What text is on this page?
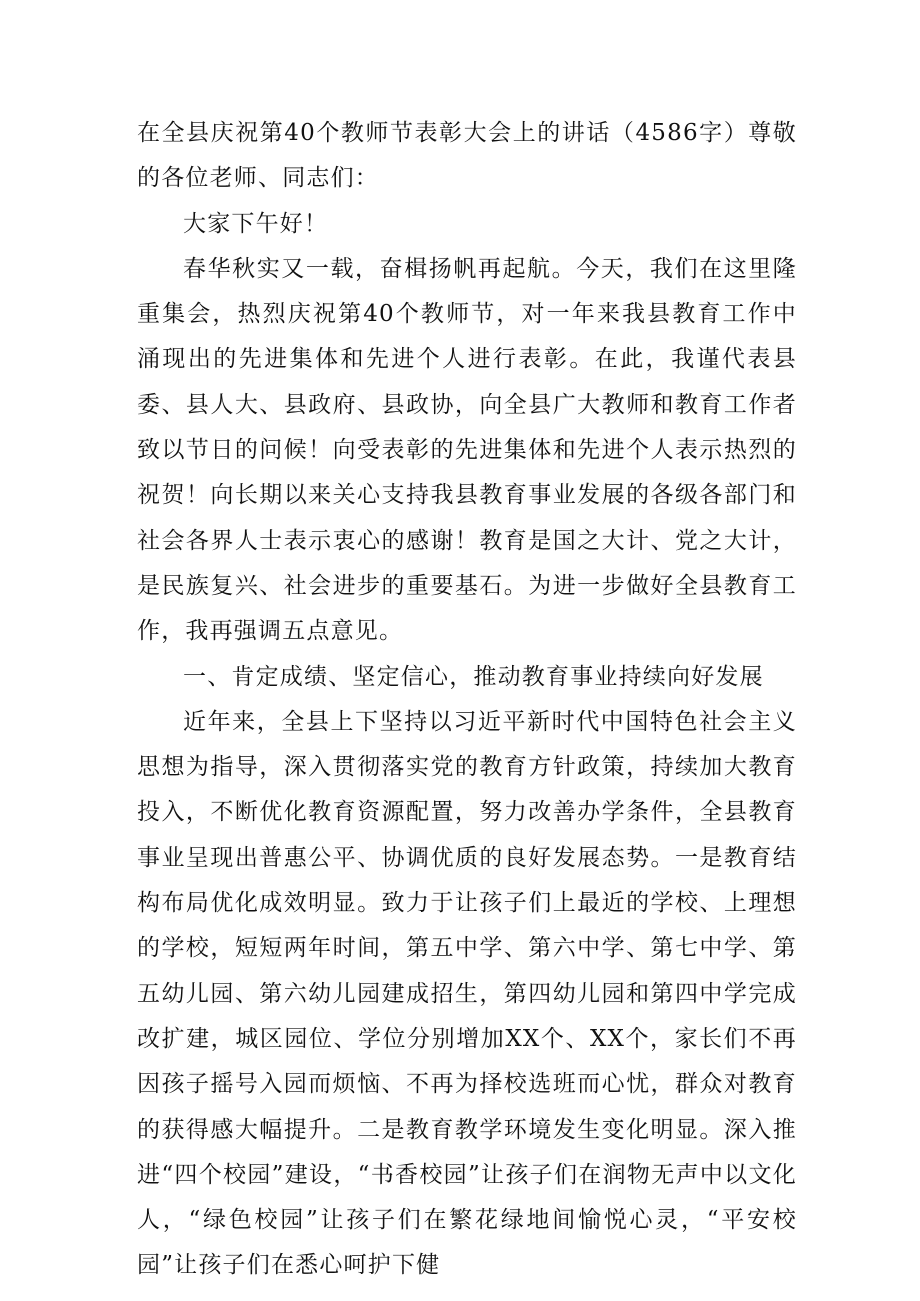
在全县庆祝第40个教师节表彰大会上的讲话（4586字）尊敬的各位老师、同志们：

大家下午好！

春华秋实又一载，奋楫扬帆再起航。今天，我们在这里隆重集会，热烈庆祝第40个教师节，对一年来我县教育工作中涌现出的先进集体和先进个人进行表彰。在此，我谨代表县委、县人大、县政府、县政协，向全县广大教师和教育工作者致以节日的问候！向受表彰的先进集体和先进个人表示热烈的祝贺！向长期以来关心支持我县教育事业发展的各级各部门和社会各界人士表示衷心的感谢！教育是国之大计、党之大计，是民族复兴、社会进步的重要基石。为进一步做好全县教育工作，我再强调五点意见。

一、肯定成绩、坚定信心，推动教育事业持续向好发展

近年来，全县上下坚持以习近平新时代中国特色社会主义思想为指导，深入贯彻落实党的教育方针政策，持续加大教育投入，不断优化教育资源配置，努力改善办学条件，全县教育事业呈现出普惠公平、协调优质的良好发展态势。一是教育结构布局优化成效明显。致力于让孩子们上最近的学校、上理想的学校，短短两年时间，第五中学、第六中学、第七中学、第五幼儿园、第六幼儿园建成招生，第四幼儿园和第四中学完成改扩建，城区园位、学位分别增加XX个、XX个，家长们不再因孩子摇号入园而烦恼、不再为择校选班而心忧，群众对教育的获得感大幅提升。二是教育教学环境发生变化明显。深入推进“四个校园”建设，“书香校园”让孩子们在润物无声中以文化人，“绿色校园”让孩子们在繁花绿地间愉悦心灵，“平安校园”让孩子们在悉心呵护下健
